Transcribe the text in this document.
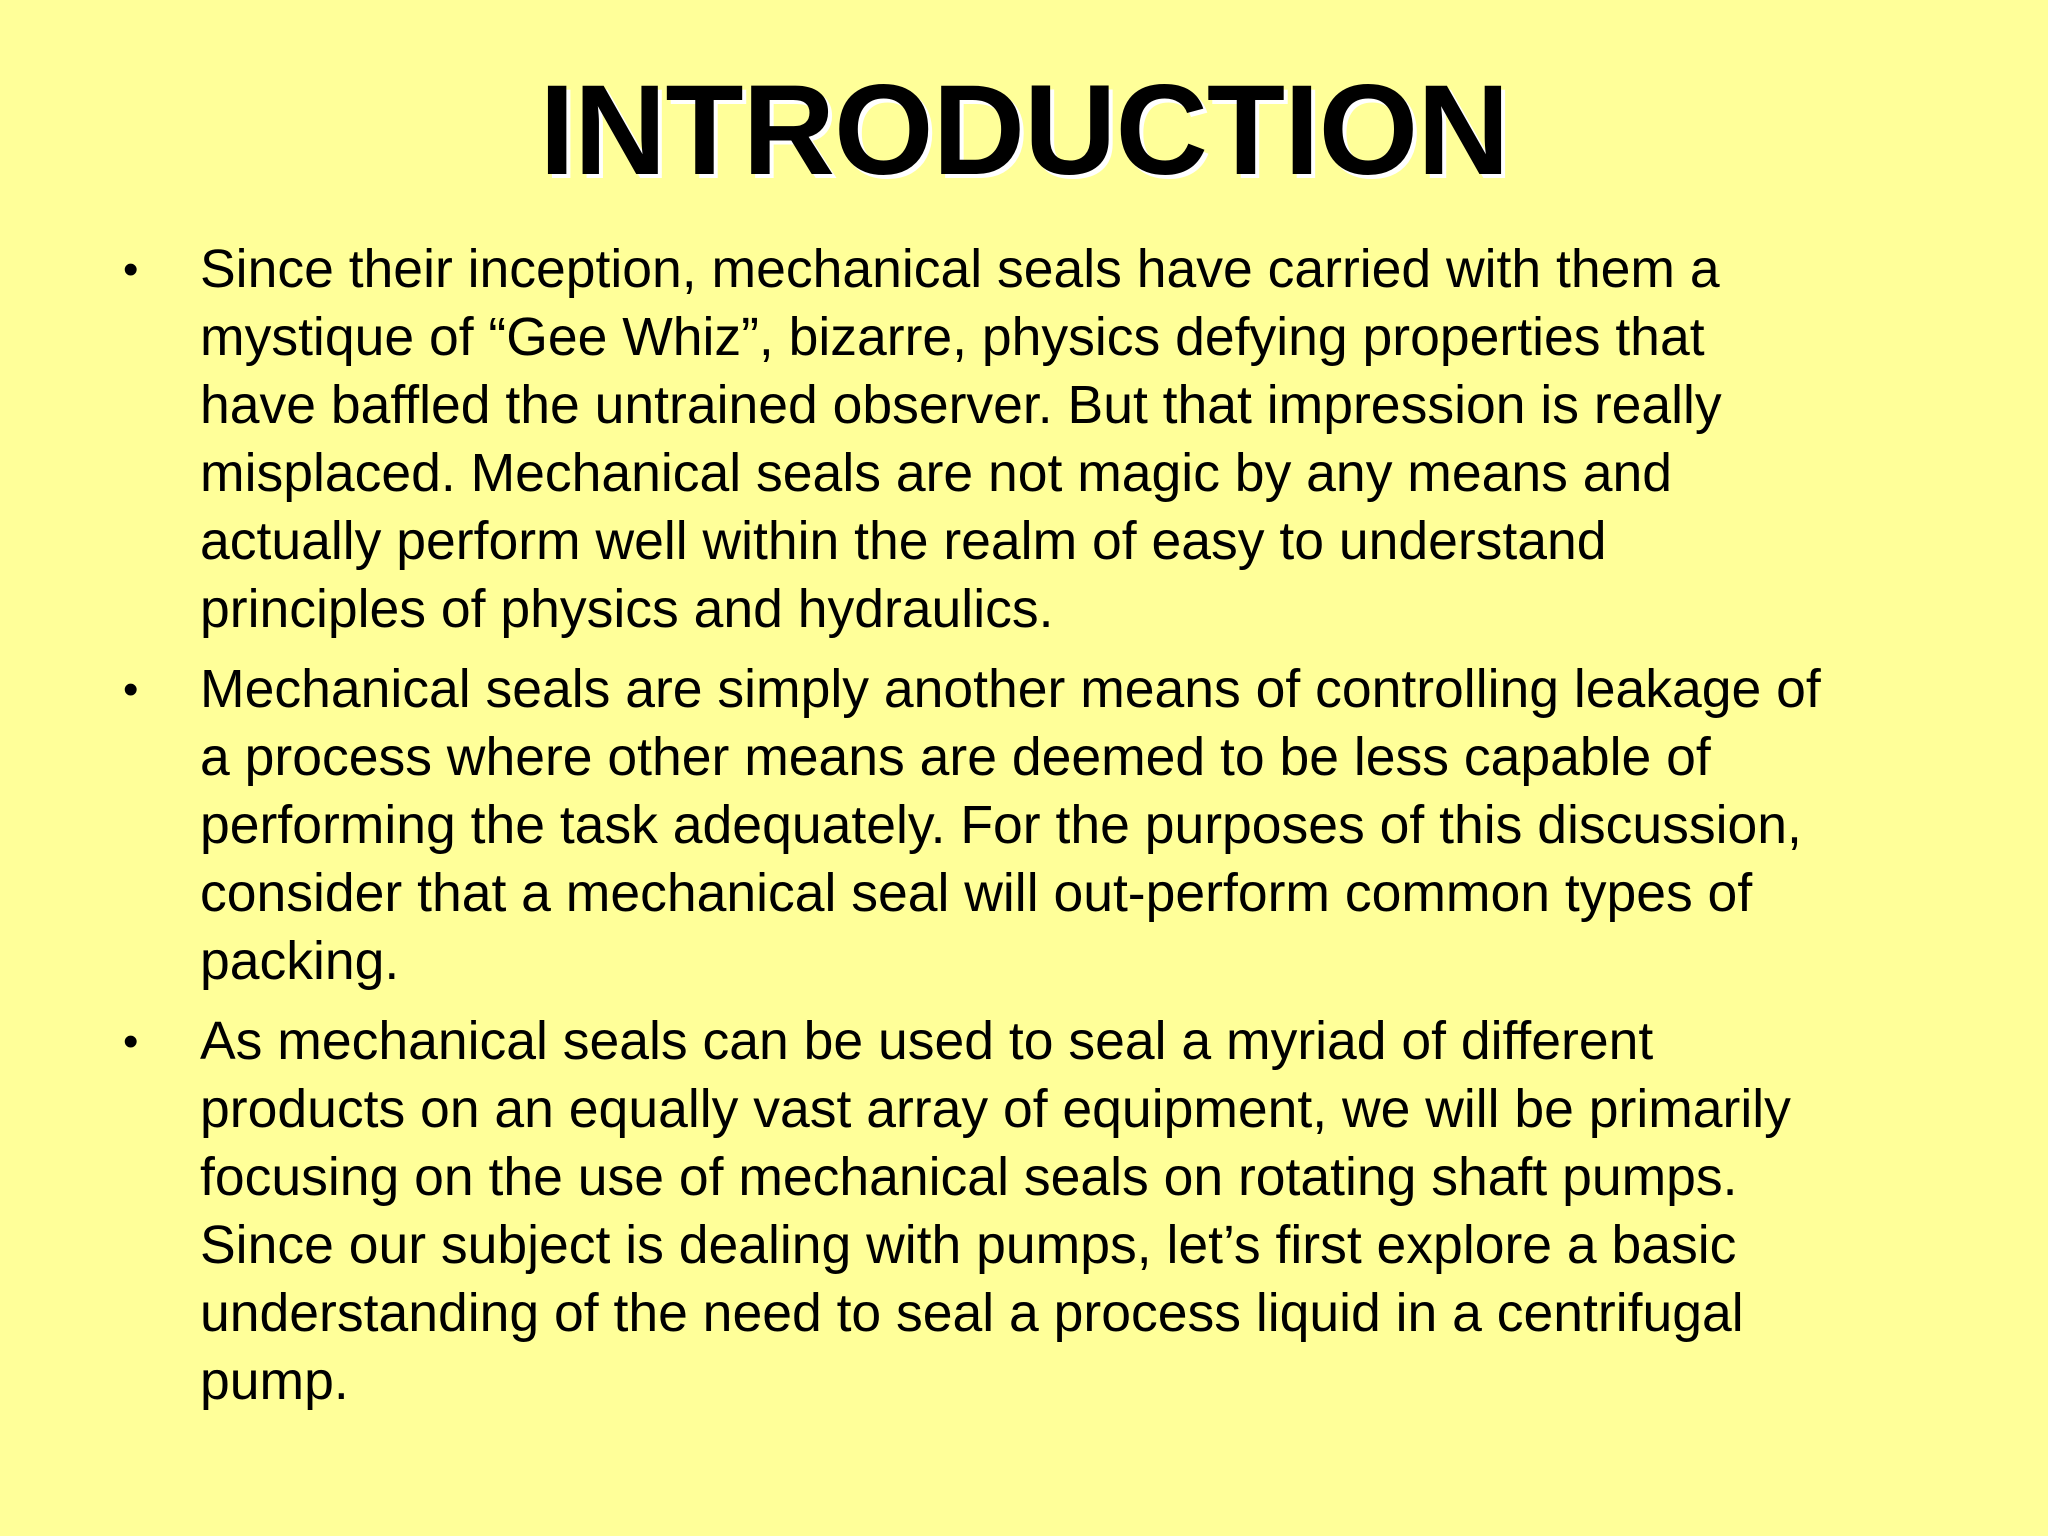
INTRODUCTION
• Since their inception, mechanical seals have carried with them a
mystique of “Gee Whiz”, bizarre, physics defying properties that
have baffled the untrained observer. But that impression is really
misplaced. Mechanical seals are not magic by any means and
actually perform well within the realm of easy to understand
principles of physics and hydraulics.
• Mechanical seals are simply another means of controlling leakage of
a process where other means are deemed to be less capable of
performing the task adequately. For the purposes of this discussion,
consider that a mechanical seal will out-perform common types of
packing.
• As mechanical seals can be used to seal a myriad of different
products on an equally vast array of equipment, we will be primarily
focusing on the use of mechanical seals on rotating shaft pumps.
Since our subject is dealing with pumps, let’s first explore a basic
understanding of the need to seal a process liquid in a centrifugal
pump.
